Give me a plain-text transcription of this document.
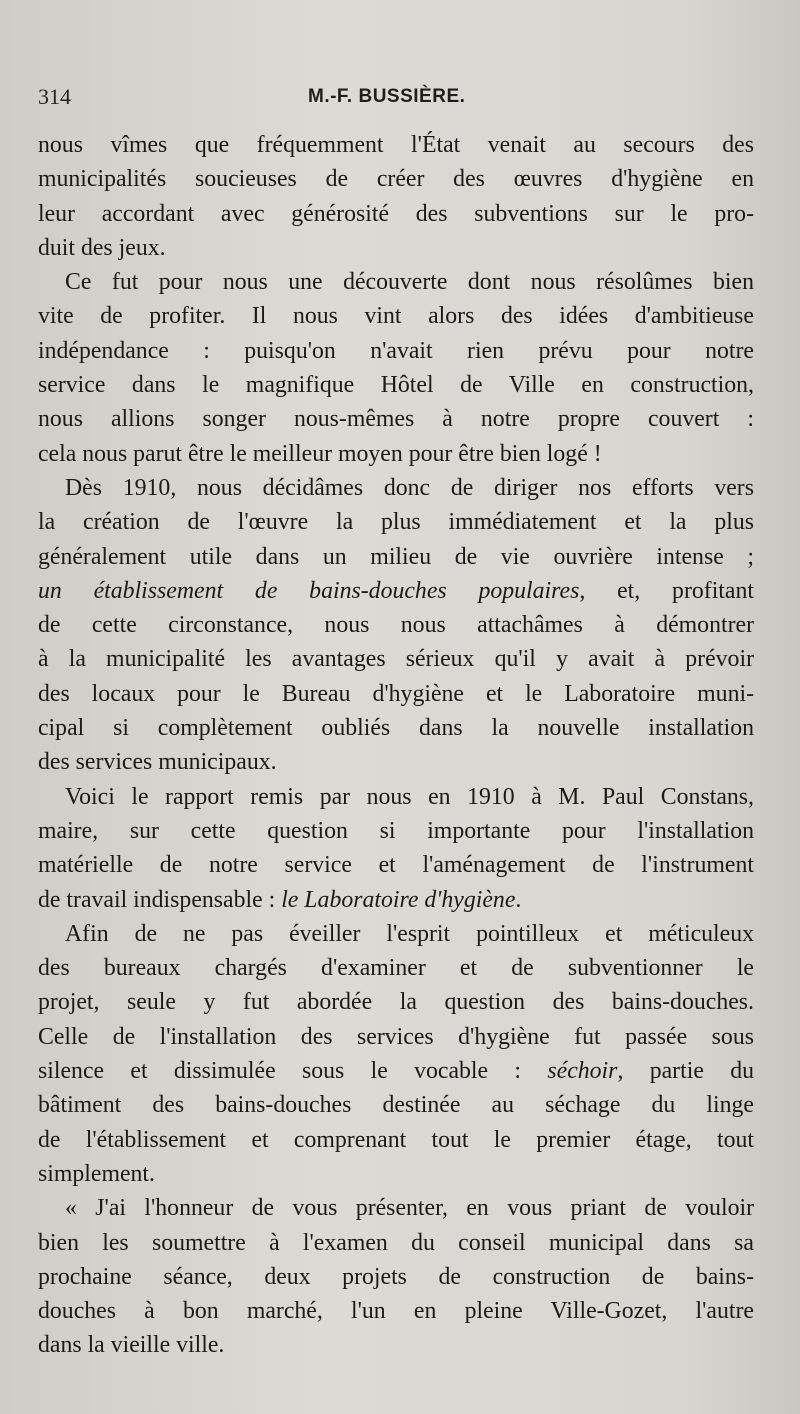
314	M.-F. BUSSIÈRE.

nous vîmes que fréquemment l'État venait au secours des
municipalités soucieuses de créer des œuvres d'hygiène en
leur accordant avec générosité des subventions sur le pro-
duit des jeux.

Ce fut pour nous une découverte dont nous résolûmes bien
vite de profiter. Il nous vint alors des idées d'ambitieuse
indépendance : puisqu'on n'avait rien prévu pour notre
service dans le magnifique Hôtel de Ville en construction,
nous allions songer nous-mêmes à notre propre couvert :
cela nous parut être le meilleur moyen pour être bien logé !

Dès 1910, nous décidâmes donc de diriger nos efforts vers
la création de l'œuvre la plus immédiatement et la plus
généralement utile dans un milieu de vie ouvrière intense ;
un établissement de bains-douches populaires, et, profitant
de cette circonstance, nous nous attachâmes à démontrer
à la municipalité les avantages sérieux qu'il y avait à prévoir
des locaux pour le Bureau d'hygiène et le Laboratoire muni-
cipal si complètement oubliés dans la nouvelle installation
des services municipaux.

Voici le rapport remis par nous en 1910 à M. Paul Constans,
maire, sur cette question si importante pour l'installation
matérielle de notre service et l'aménagement de l'instrument
de travail indispensable : le Laboratoire d'hygiène.

Afin de ne pas éveiller l'esprit pointilleux et méticuleux
des bureaux chargés d'examiner et de subventionner le
projet, seule y fut abordée la question des bains-douches.
Celle de l'installation des services d'hygiène fut passée sous
silence et dissimulée sous le vocable : séchoir, partie du
bâtiment des bains-douches destinée au séchage du linge
de l'établissement et comprenant tout le premier étage, tout
simplement.

« J'ai l'honneur de vous présenter, en vous priant de vouloir
bien les soumettre à l'examen du conseil municipal dans sa
prochaine séance, deux projets de construction de bains-
douches à bon marché, l'un en pleine Ville-Gozet, l'autre
dans la vieille ville.
